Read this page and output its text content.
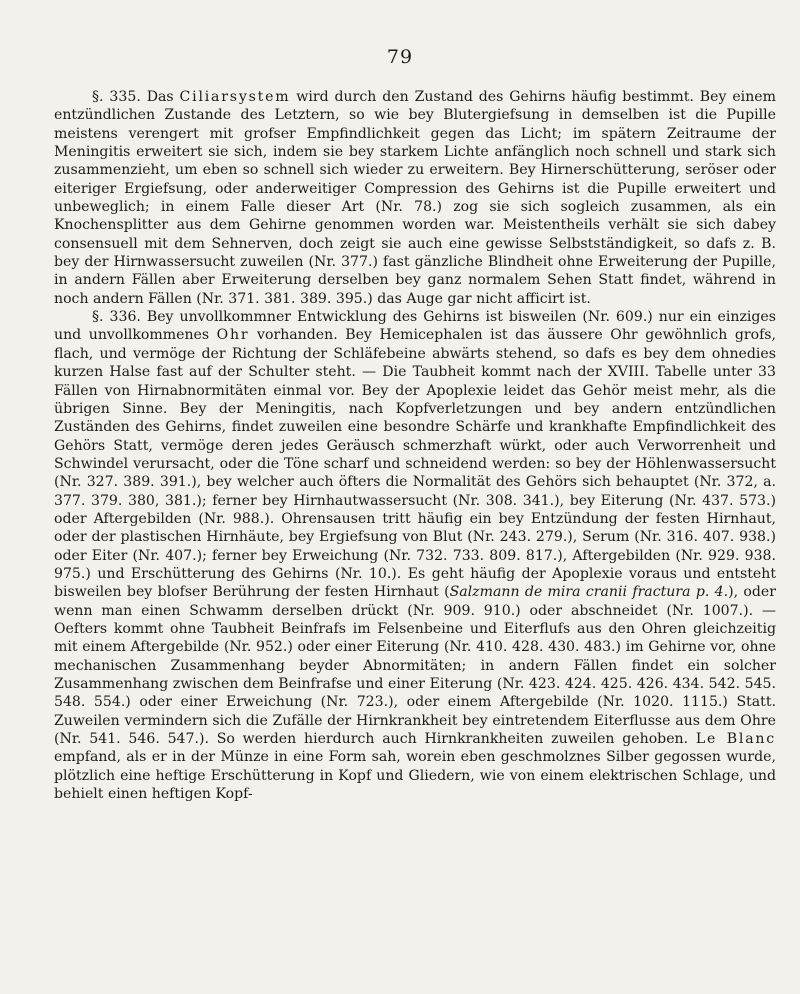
79

§. 335. Das Ciliarsystem wird durch den Zustand des Gehirns häufig bestimmt. Bey einem entzündlichen Zustande des Letztern, so wie bey Blutergiefsung in demselben ist die Pupille meistens verengert mit grofser Empfindlichkeit gegen das Licht; im spätern Zeitraume der Meningitis erweitert sie sich, indem sie bey starkem Lichte anfänglich noch schnell und stark sich zusammenzieht, um eben so schnell sich wieder zu erweitern. Bey Hirnerschütterung, seröser oder eiteriger Ergiefsung, oder anderweitiger Compression des Gehirns ist die Pupille erweitert und unbeweglich; in einem Falle dieser Art (Nr. 78.) zog sie sich sogleich zusammen, als ein Knochensplitter aus dem Gehirne genommen worden war. Meistentheils verhält sie sich dabey consensuell mit dem Sehnerven, doch zeigt sie auch eine gewisse Selbstständigkeit, so dafs z. B. bey der Hirnwassersucht zuweilen (Nr. 377.) fast gänzliche Blindheit ohne Erweiterung der Pupille, in andern Fällen aber Erweiterung derselben bey ganz normalem Sehen Statt findet, während in noch andern Fällen (Nr. 371. 381. 389. 395.) das Auge gar nicht afficirt ist.

§. 336. Bey unvollkommner Entwicklung des Gehirns ist bisweilen (Nr. 609.) nur ein einziges und unvollkommenes Ohr vorhanden. Bey Hemicephalen ist das äussere Ohr gewöhnlich grofs, flach, und vermöge der Richtung der Schläfebeine abwärts stehend, so dafs es bey dem ohnedies kurzen Halse fast auf der Schulter steht. — Die Taubheit kommt nach der XVIII. Tabelle unter 33 Fällen von Hirnabnormitäten einmal vor. Bey der Apoplexie leidet das Gehör meist mehr, als die übrigen Sinne. Bey der Meningitis, nach Kopfverletzungen und bey andern entzündlichen Zuständen des Gehirns, findet zuweilen eine besondre Schärfe und krankhafte Empfindlichkeit des Gehörs Statt, vermöge deren jedes Geräusch schmerzhaft würkt, oder auch Verworrenheit und Schwindel verursacht, oder die Töne scharf und schneidend werden: so bey der Höhlenwassersucht (Nr. 327. 389. 391.), bey welcher auch öfters die Normalität des Gehörs sich behauptet (Nr. 372, a. 377. 379. 380, 381.); ferner bey Hirnhautwassersucht (Nr. 308. 341.), bey Eiterung (Nr. 437. 573.) oder Aftergebilden (Nr. 988.). Ohrensausen tritt häufig ein bey Entzündung der festen Hirnhaut, oder der plastischen Hirnhäute, bey Ergiefsung von Blut (Nr. 243. 279.), Serum (Nr. 316. 407. 938.) oder Eiter (Nr. 407.); ferner bey Erweichung (Nr. 732. 733. 809. 817.), Aftergebilden (Nr. 929. 938. 975.) und Erschütterung des Gehirns (Nr. 10.). Es geht häufig der Apoplexie voraus und entsteht bisweilen bey blofser Berührung der festen Hirnhaut (Salzmann de mira cranii fractura p. 4.), oder wenn man einen Schwamm derselben drückt (Nr. 909. 910.) oder abschneidet (Nr. 1007.). — Oefters kommt ohne Taubheit Beinfrafs im Felsenbeine und Eiterflufs aus den Ohren gleichzeitig mit einem Aftergebilde (Nr. 952.) oder einer Eiterung (Nr. 410. 428. 430. 483.) im Gehirne vor, ohne mechanischen Zusammenhang beyder Abnormitäten; in andern Fällen findet ein solcher Zusammenhang zwischen dem Beinfrafse und einer Eiterung (Nr. 423. 424. 425. 426. 434. 542. 545. 548. 554.) oder einer Erweichung (Nr. 723.), oder einem Aftergebilde (Nr. 1020. 1115.) Statt. Zuweilen vermindern sich die Zufälle der Hirnkrankheit bey eintretendem Eiterflusse aus dem Ohre (Nr. 541. 546. 547.). So werden hierdurch auch Hirnkrankheiten zuweilen gehoben. Le Blanc empfand, als er in der Münze in eine Form sah, worein eben geschmolznes Silber gegossen wurde, plötzlich eine heftige Erschütterung in Kopf und Gliedern, wie von einem elektrischen Schlage, und behielt einen heftigen Kopf-
